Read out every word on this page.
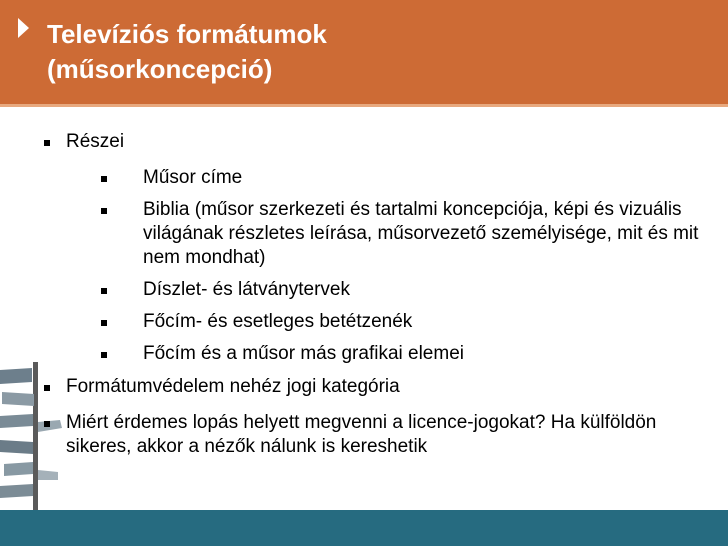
Televíziós formátumok
(műsorkoncepció)
Részei
Műsor címe
Biblia (műsor szerkezeti és tartalmi koncepciója, képi és vizuális világának részletes leírása, műsorvezető személyisége, mit és mit nem mondhat)
Díszlet- és látványtervek
Főcím- és esetleges betétzenék
Főcím és a műsor más grafikai elemei
Formátumvédelem nehéz jogi kategória
Miért érdemes lopás helyett megvenni a licence-jogokat? Ha külföldön sikeres, akkor a nézők nálunk is kereshetik
